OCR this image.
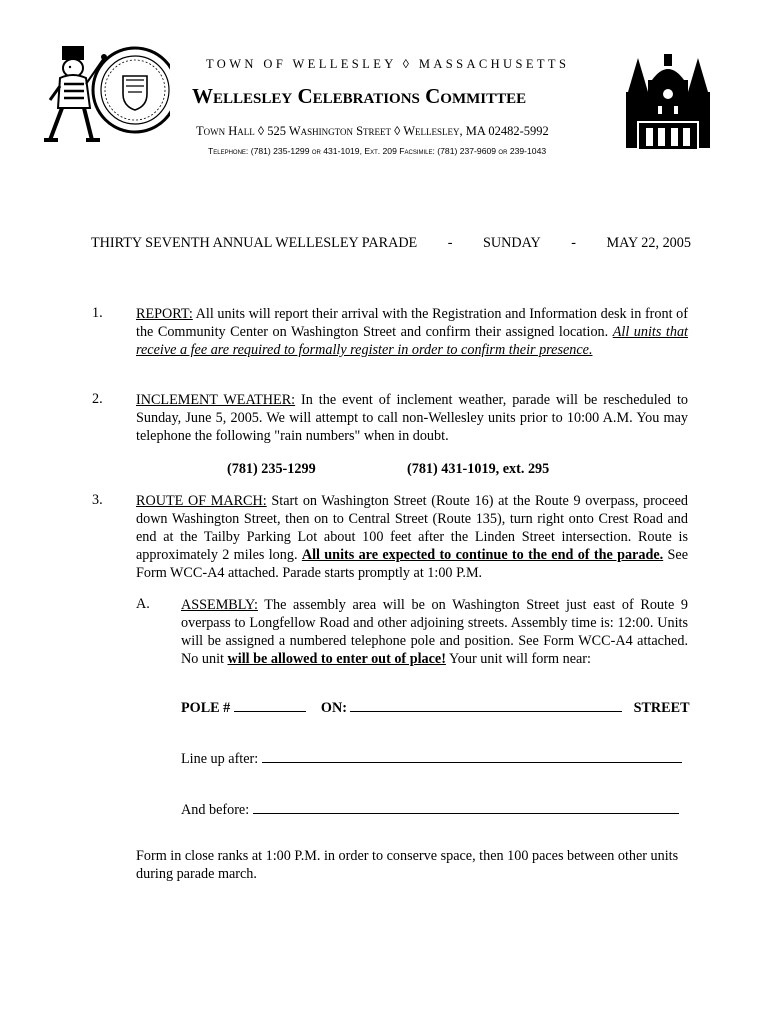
TOWN OF WELLESLEY ◊ MASSACHUSETTS
Wellesley Celebrations Committee
Town Hall ◊ 525 Washington Street ◊ Wellesley, MA 02482-5992
Telephone: (781) 235-1299 or 431-1019, Ext. 209 Facsimile: (781) 237-9609 or 239-1043
THIRTY SEVENTH ANNUAL WELLESLEY PARADE - SUNDAY - MAY 22, 2005
1. REPORT: All units will report their arrival with the Registration and Information desk in front of the Community Center on Washington Street and confirm their assigned location. All units that receive a fee are required to formally register in order to confirm their presence.
2. INCLEMENT WEATHER: In the event of inclement weather, parade will be rescheduled to Sunday, June 5, 2005. We will attempt to call non-Wellesley units prior to 10:00 A.M. You may telephone the following "rain numbers" when in doubt.
(781) 235-1299	(781) 431-1019, ext. 295
3. ROUTE OF MARCH: Start on Washington Street (Route 16) at the Route 9 overpass, proceed down Washington Street, then on to Central Street (Route 135), turn right onto Crest Road and end at the Tailby Parking Lot about 100 feet after the Linden Street intersection. Route is approximately 2 miles long. All units are expected to continue to the end of the parade. See Form WCC-A4 attached. Parade starts promptly at 1:00 P.M.
A. ASSEMBLY: The assembly area will be on Washington Street just east of Route 9 overpass to Longfellow Road and other adjoining streets. Assembly time is: 12:00. Units will be assigned a numbered telephone pole and position. See Form WCC-A4 attached. No unit will be allowed to enter out of place! Your unit will form near:
POLE #	ON:	STREET
Line up after:
And before:
Form in close ranks at 1:00 P.M. in order to conserve space, then 100 paces between other units during parade march.
